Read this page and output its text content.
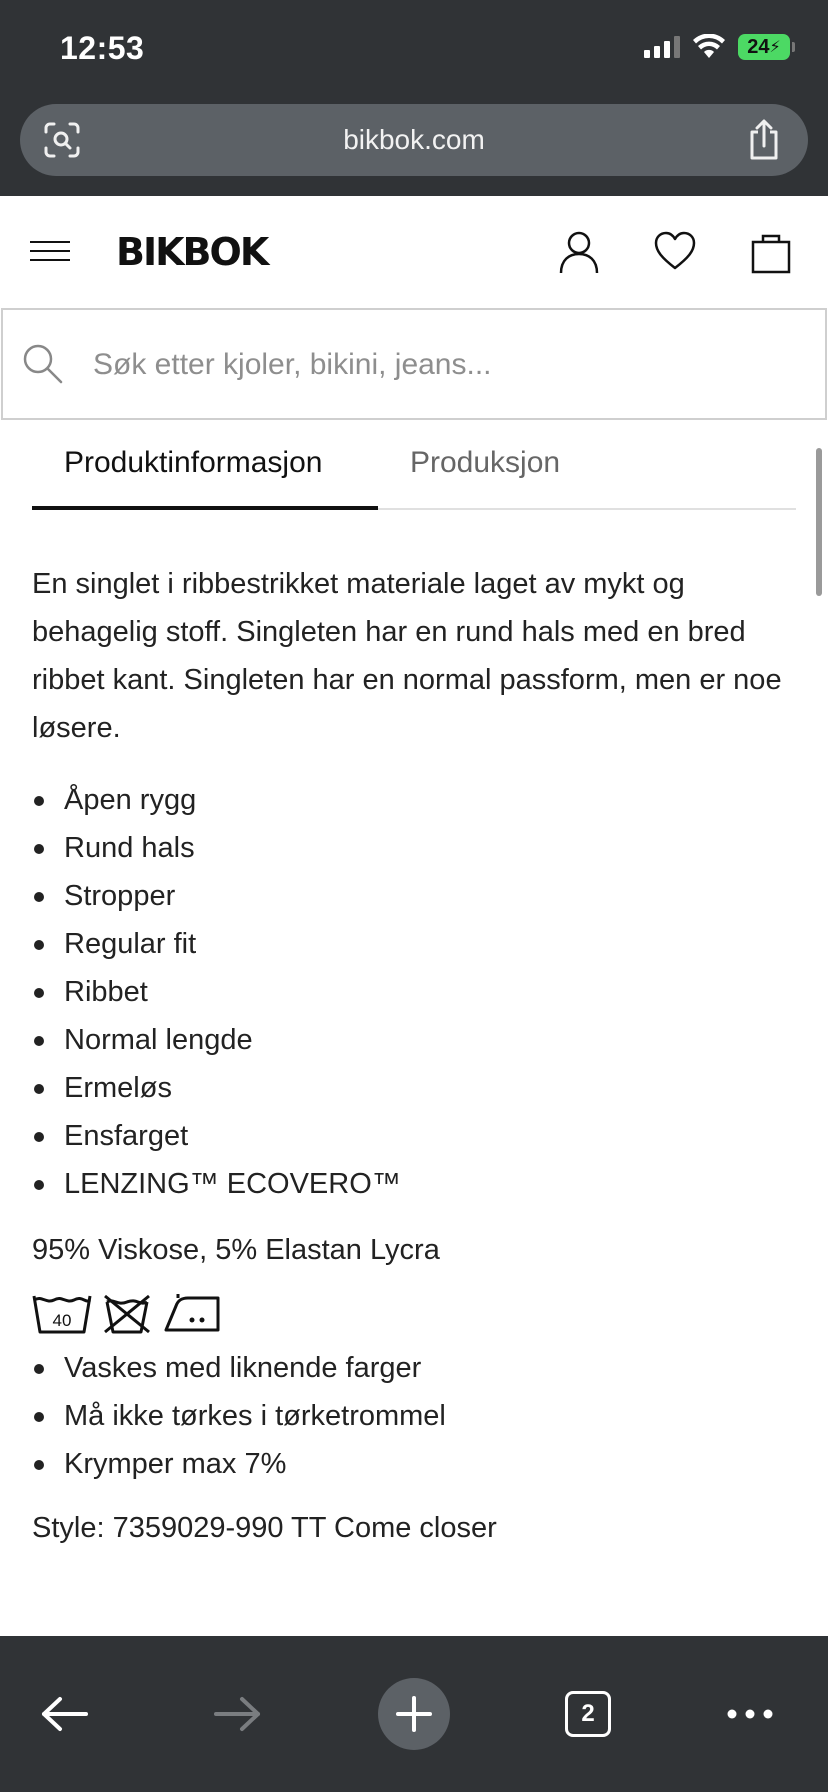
12:53	24 ⚡
bikbok.com
BIKBOK
Søk etter kjoler, bikini, jeans...
Produktinformasjon	Produksjon

En singlet i ribbestrikket materiale laget av mykt og behagelig stoff. Singleten har en rund hals med en bred ribbet kant. Singleten har en normal passform, men er noe løsere.

Åpen rygg
Rund hals
Stropper
Regular fit
Ribbet
Normal lengde
Ermeløs
Ensfarget
LENZING™ ECOVERO™

95% Viskose, 5% Elastan Lycra

40
Vaskes med liknende farger
Må ikke tørkes i tørketrommel
Krymper max 7%

Style: 7359029-990 TT Come closer

2
